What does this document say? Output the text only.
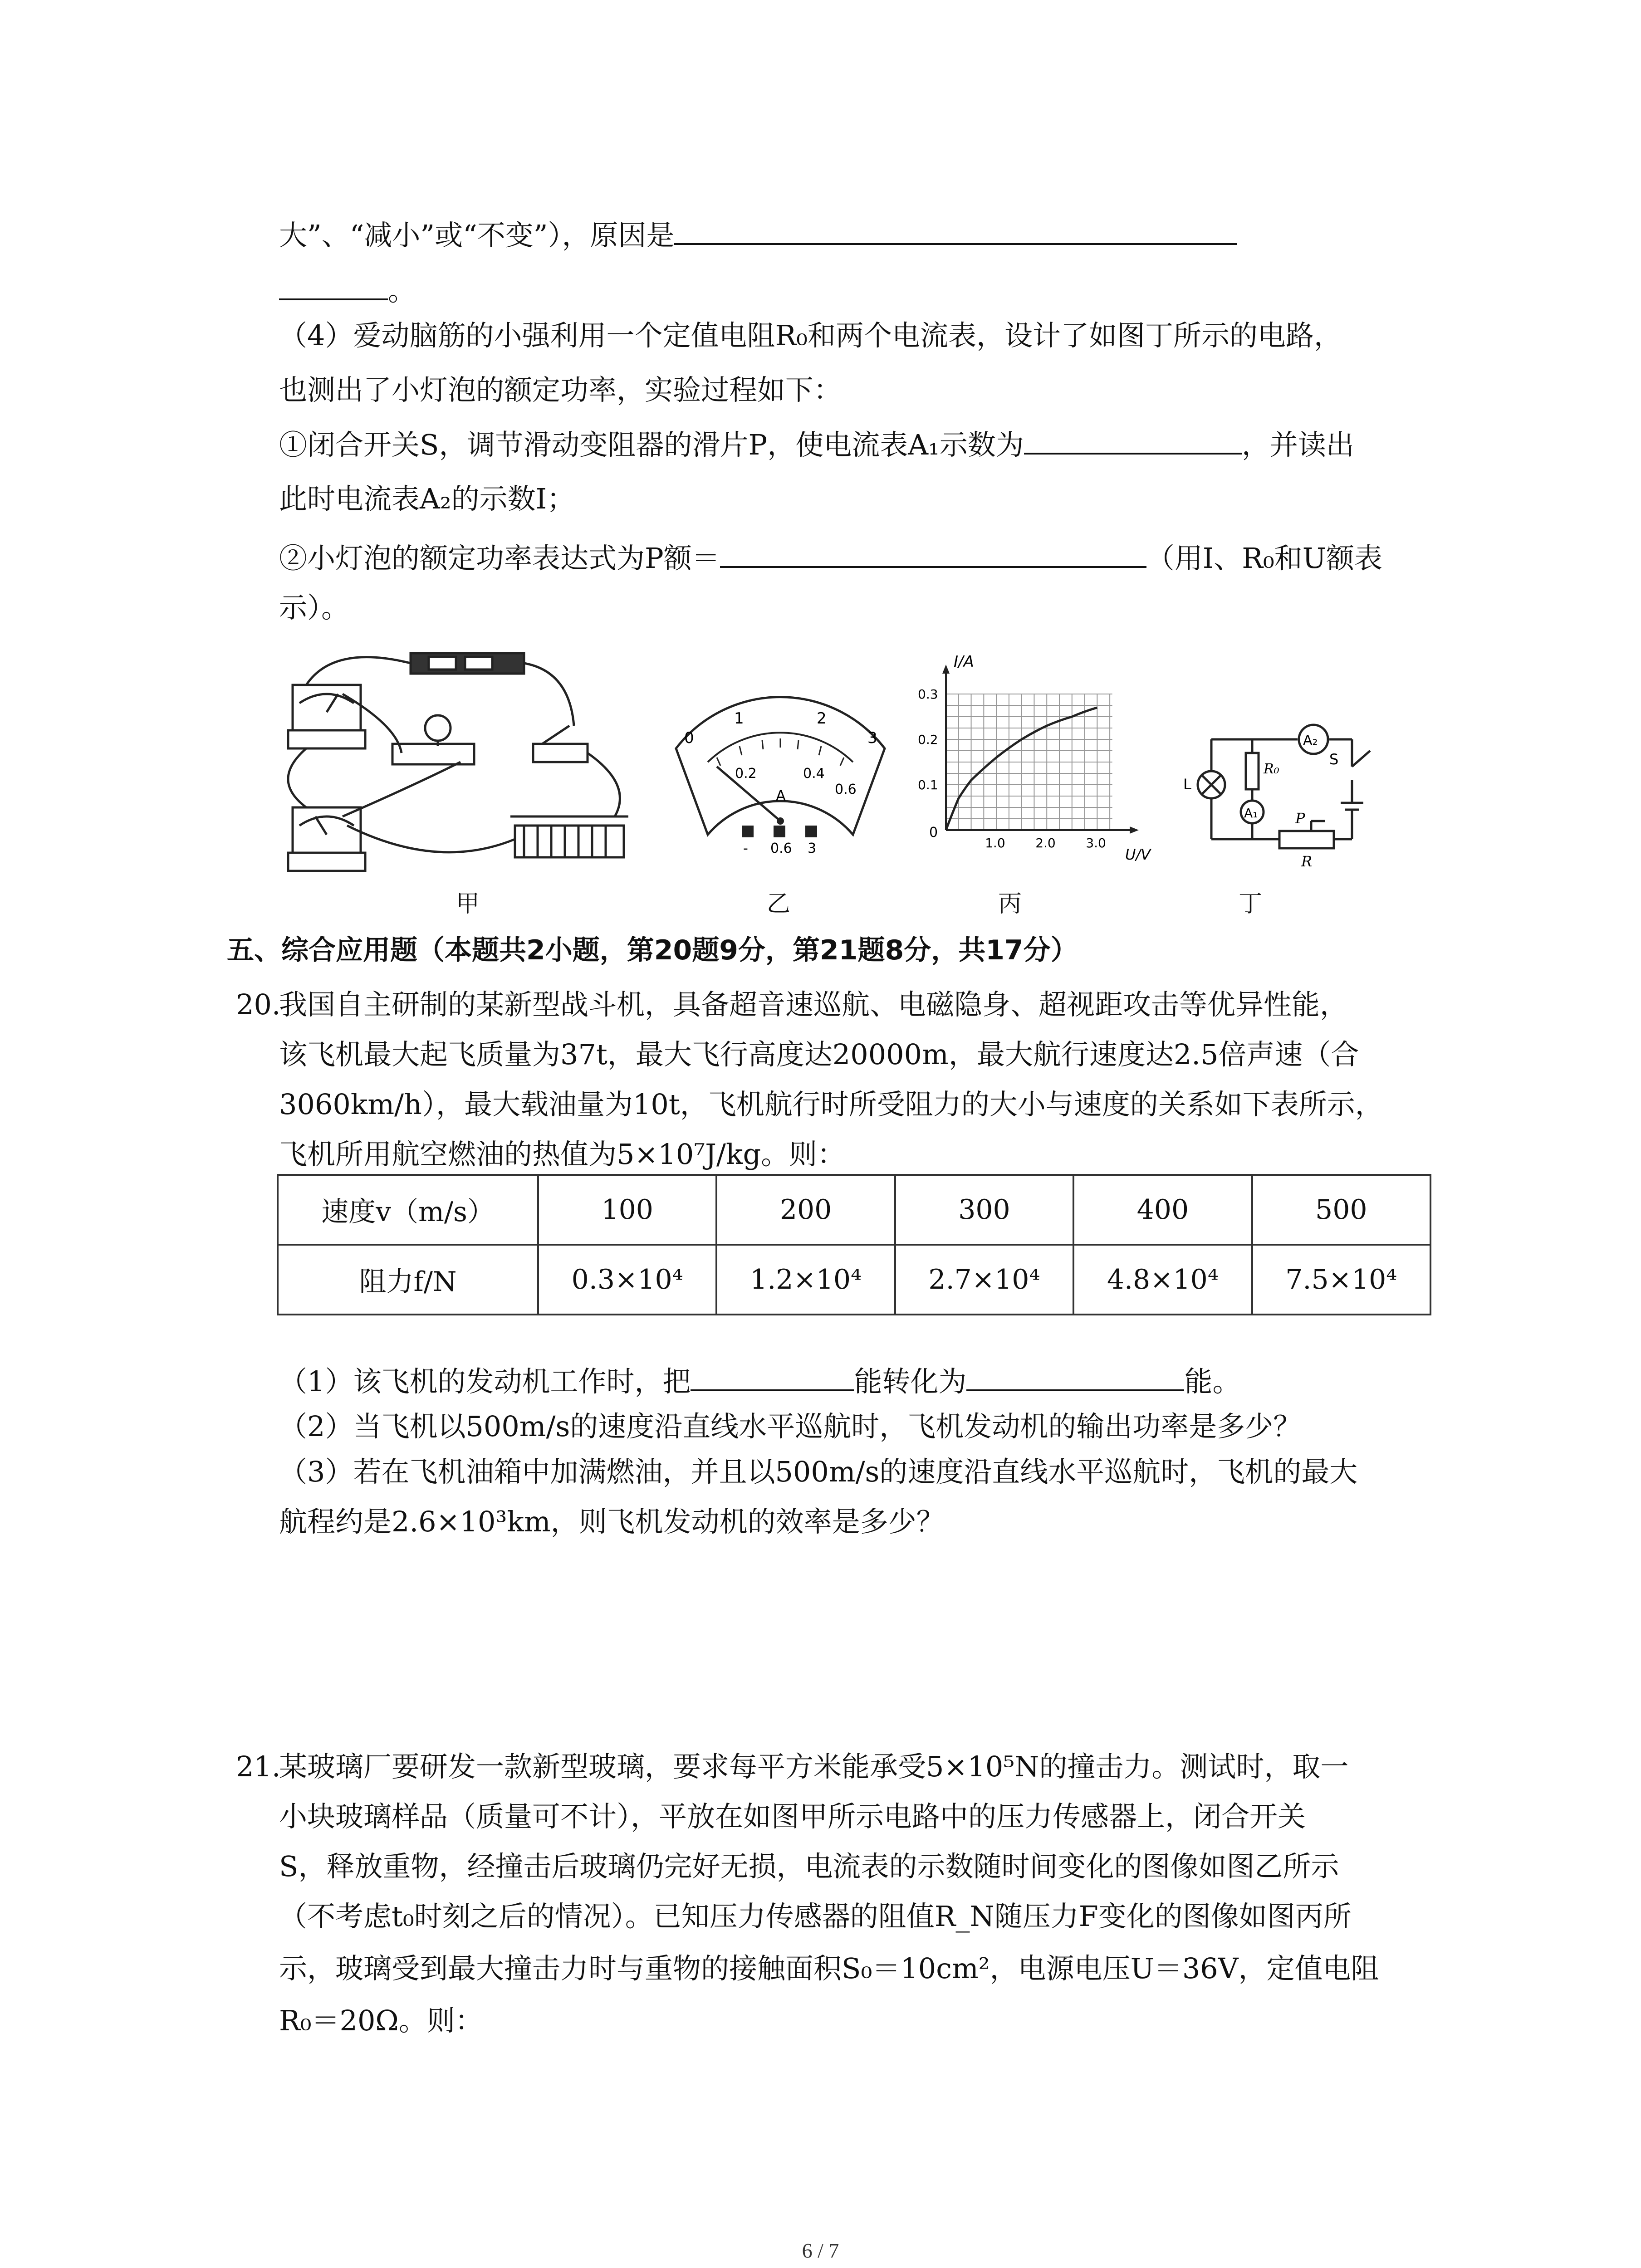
大”、“减小”或“不变”），原因是
。
（4）爱动脑筋的小强利用一个定值电阻R₀和两个电流表，设计了如图丁所示的电路，
也测出了小灯泡的额定功率，实验过程如下：
①闭合开关S，调节滑动变阻器的滑片P，使电流表A₁示数为	，并读出
此时电流表A₂的示数I；
②小灯泡的额定功率表达式为P额＝	（用I、R₀和U额表
示）。
甲
0
1	2
3
0.2	0.4
0.6
A
- 0.6 3
乙
1.0 2.0 3.0
0.1
0.2
0.3
I/A
U/V
0
丙
A₂
S
R₀
L
A₁	P
R
丁
五、综合应用题（本题共2小题，第20题9分，第21题8分，共17分）
20.
我国自主研制的某新型战斗机，具备超音速巡航、电磁隐身、超视距攻击等优异性能，
该飞机最大起飞质量为37t，最大飞行高度达20000m，最大航行速度达2.5倍声速（合
3060km/h），最大载油量为10t，飞机航行时所受阻力的大小与速度的关系如下表所示，
飞机所用航空燃油的热值为5×10⁷J/kg。则：
速度v（m/s）	100	200	300	400	500
阻力f/N	0.3×10⁴	1.2×10⁴	2.7×10⁴	4.8×10⁴	7.5×10⁴
（1）该飞机的发动机工作时，把	能转化为	能。
（2）当飞机以500m/s的速度沿直线水平巡航时，飞机发动机的输出功率是多少？
（3）若在飞机油箱中加满燃油，并且以500m/s的速度沿直线水平巡航时，飞机的最大
航程约是2.6×10³km，则飞机发动机的效率是多少？
21.
某玻璃厂要研发一款新型玻璃，要求每平方米能承受5×10⁵N的撞击力。测试时，取一
小块玻璃样品（质量可不计），平放在如图甲所示电路中的压力传感器上，闭合开关
S，释放重物，经撞击后玻璃仍完好无损，电流表的示数随时间变化的图像如图乙所示
（不考虑t₀时刻之后的情况）。已知压力传感器的阻值R_N随压力F变化的图像如图丙所
示，玻璃受到最大撞击力时与重物的接触面积S₀＝10cm²，电源电压U＝36V，定值电阻
R₀＝20Ω。则：
6 / 7
